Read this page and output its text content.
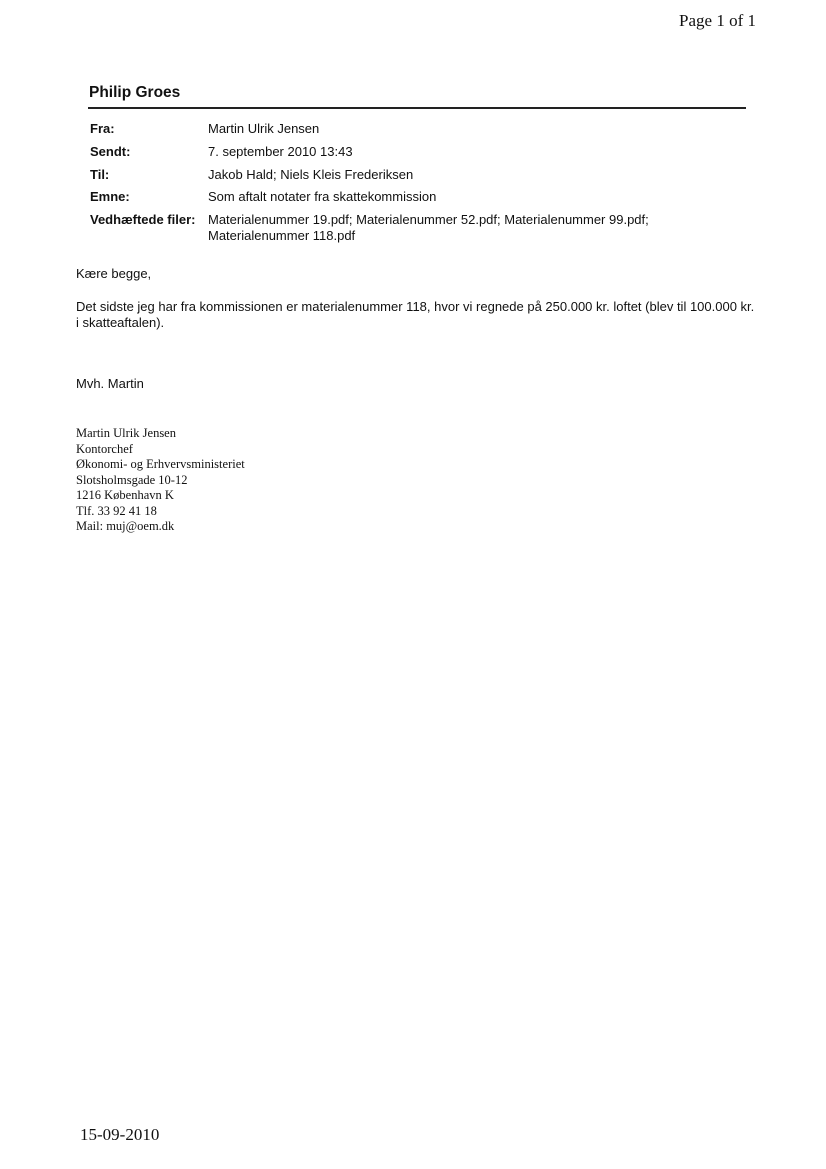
Page 1 of 1
Philip Groes
Fra:	Martin Ulrik Jensen
Sendt:	7. september 2010 13:43
Til:	Jakob Hald; Niels Kleis Frederiksen
Emne:	Som aftalt notater fra skattekommission
Vedhæftede filer: Materialenummer 19.pdf; Materialenummer 52.pdf; Materialenummer 99.pdf; Materialenummer 118.pdf
Kære begge,
Det sidste jeg har fra kommissionen er materialenummer 118, hvor vi regnede på 250.000 kr. loftet (blev til 100.000 kr. i skatteaftalen).
Mvh. Martin
Martin Ulrik Jensen
Kontorchef
Økonomi- og Erhvervsministeriet
Slotsholmsgade 10-12
1216 København K
Tlf. 33 92 41 18
Mail: muj@oem.dk
15-09-2010
